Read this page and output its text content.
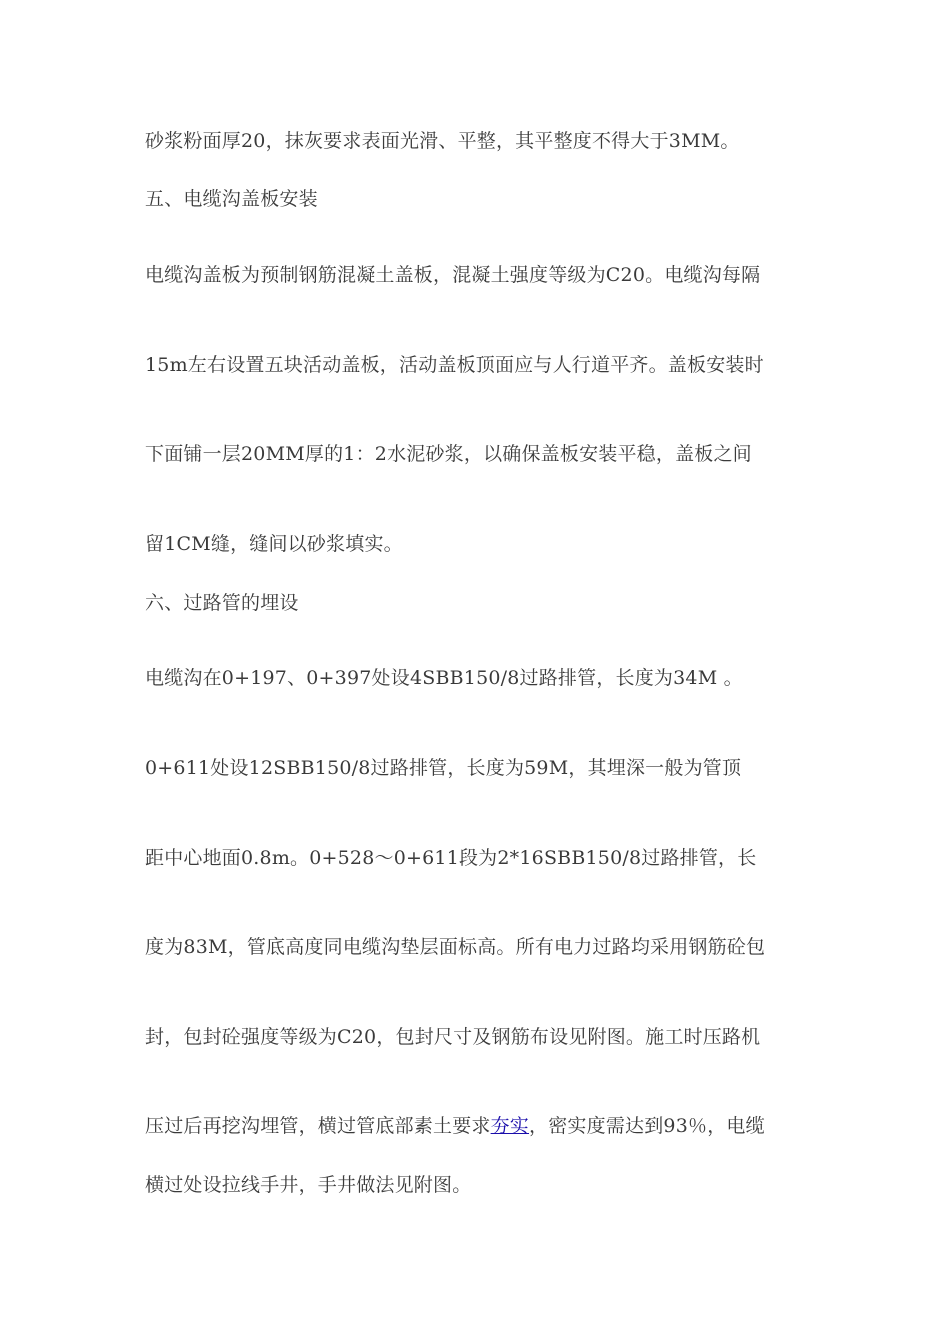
砂浆粉面厚20，抹灰要求表面光滑、平整，其平整度不得大于3MM。
五、电缆沟盖板安装
电缆沟盖板为预制钢筋混凝土盖板，混凝土强度等级为C20。电缆沟每隔
15m左右设置五块活动盖板，活动盖板顶面应与人行道平齐。盖板安装时
下面铺一层20MM厚的1：2水泥砂浆，以确保盖板安装平稳，盖板之间
留1CM缝，缝间以砂浆填实。
六、过路管的埋设
电缆沟在0+197、0+397处设4SBB150/8过路排管，长度为34M 。
0+611处设12SBB150/8过路排管，长度为59M，其埋深一般为管顶
距中心地面0.8m。0+528～0+611段为2*16SBB150/8过路排管，长
度为83M，管底高度同电缆沟垫层面标高。所有电力过路均采用钢筋砼包
封，包封砼强度等级为C20，包封尺寸及钢筋布设见附图。施工时压路机
压过后再挖沟埋管，横过管底部素土要求夯实，密实度需达到93％，电缆
横过处设拉线手井，手井做法见附图。
